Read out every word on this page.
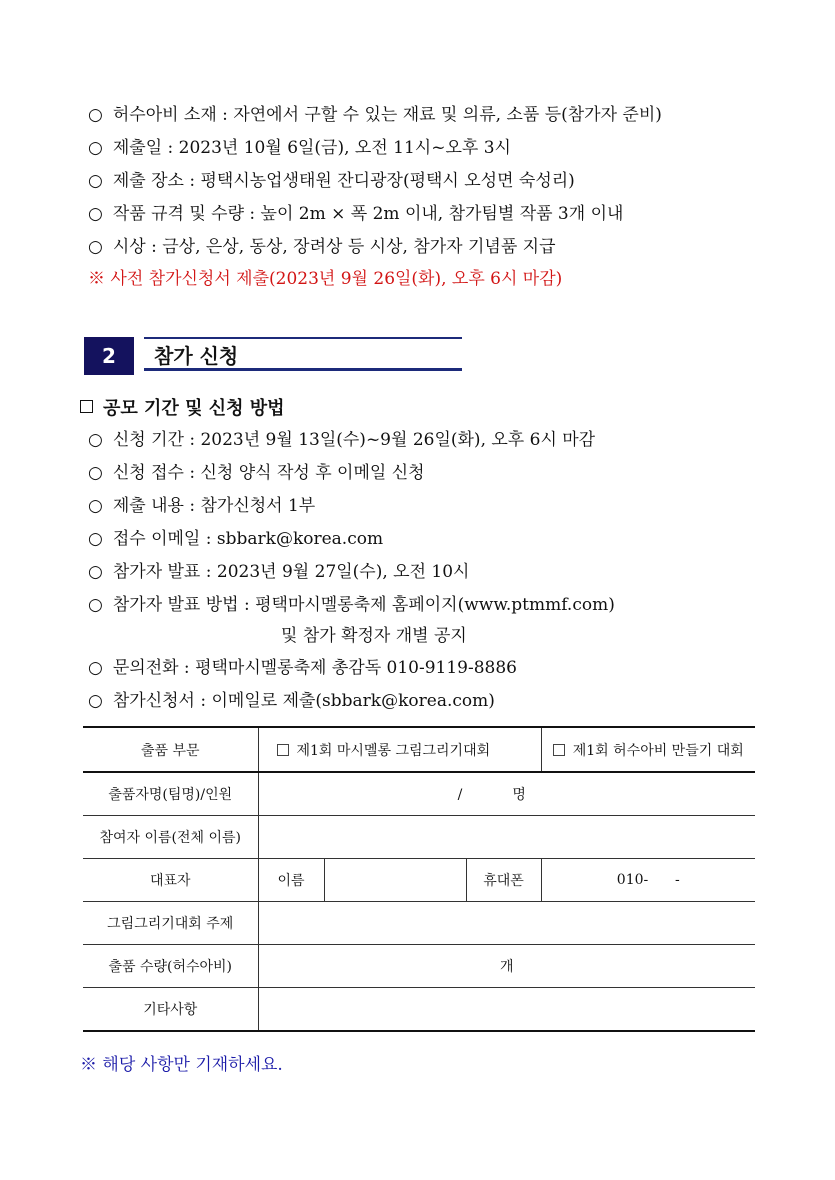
○ 허수아비 소재 : 자연에서 구할 수 있는 재료 및 의류, 소품 등(참가자 준비)
○ 제출일 : 2023년 10월 6일(금), 오전 11시~오후 3시
○ 제출 장소 : 평택시농업생태원 잔디광장(평택시 오성면 숙성리)
○ 작품 규격 및 수량 : 높이 2m × 폭 2m 이내, 참가팀별 작품 3개 이내
○ 시상 : 금상, 은상, 동상, 장려상 등 시상, 참가자 기념품 지급
※ 사전 참가신청서 제출(2023년 9월 26일(화), 오후 6시 마감)
2	참가 신청
공모 기간 및 신청 방법
○ 신청 기간 : 2023년 9월 13일(수)~9월 26일(화), 오후 6시 마감
○ 신청 접수 : 신청 양식 작성 후 이메일 신청
○ 제출 내용 : 참가신청서 1부
○ 접수 이메일 : sbbark@korea.com
○ 참가자 발표 : 2023년 9월 27일(수), 오전 10시
○ 참가자 발표 방법 : 평택마시멜롱축제 홈페이지(www.ptmmf.com)
및 참가 확정자 개별 공지
○ 문의전화 : 평택마시멜롱축제 총감독 010-9119-8886
○ 참가신청서 : 이메일로 제출(sbbark@korea.com)
출품 부문	제1회 마시멜롱 그림그리기대회			제1회 허수아비 만들기 대회
출품자명(팀명)/인원	/ 명			
참여자 이름(전체 이름)				
대표자	이름		휴대폰	010-      -
그림그리기대회 주제				
출품 수량(허수아비)	개			
기타사항				
※ 해당 사항만 기재하세요.
